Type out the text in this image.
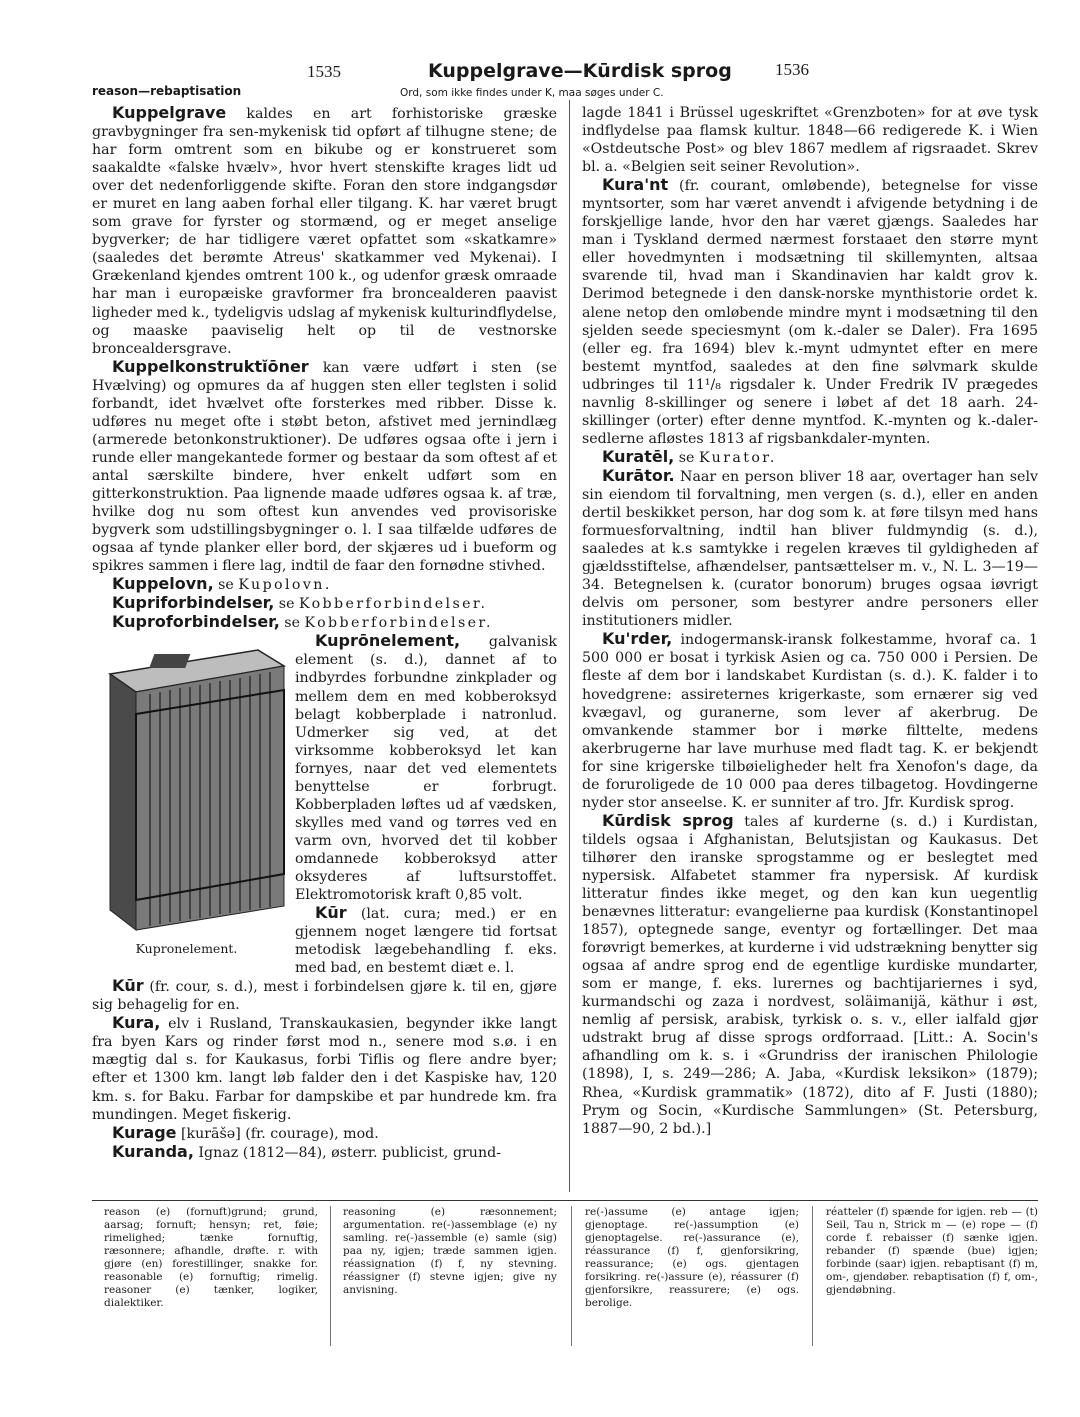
reason—rebaptisation
1535	Kuppelgrave—Kūrdisk sprog	1536
Ord, som ikke findes under K, maa søges under C.

Kuppelgrave kaldes en art forhistoriske græske gravbygninger fra sen-mykenisk tid opført af tilhugne stene; de har form omtrent som en bikube og er konstrueret som saakaldte «falske hvælv», hvor hvert stenskifte krages lidt ud over det nedenforliggende skifte. Foran den store indgangsdør er muret en lang aaben forhal eller tilgang. K. har været brugt som grave for fyrster og stormænd, og er meget anselige bygverker; de har tidligere været opfattet som «skatkamre» (saaledes det berømte Atreus' skatkammer ved Mykenai). I Grækenland kjendes omtrent 100 k., og udenfor græsk omraade har man i europæiske gravformer fra broncealderen paavist ligheder med k., tydeligvis udslag af mykenisk kulturindflydelse, og maaske paaviselig helt op til de vestnorske broncealdersgrave.

Kuppelkonstruktĭōner kan være udført i sten (se Hvælving) og opmures da af huggen sten eller teglsten i solid forbandt, idet hvælvet ofte forsterkes med ribber. Disse k. udføres nu meget ofte i støbt beton, afstivet med jernindlæg (armerede betonkonstruktioner). De udføres ogsaa ofte i jern i runde eller mangekantede former og bestaar da som oftest af et antal særskilte bindere, hver enkelt udført som en gitterkonstruktion. Paa lignende maade udføres ogsaa k. af træ, hvilke dog nu som oftest kun anvendes ved provisoriske bygverk som udstillingsbygninger o. l. I saa tilfælde udføres de ogsaa af tynde planker eller bord, der skjæres ud i bueform og spikres sammen i flere lag, indtil de faar den fornødne stivhed.

Kuppelovn, se Kupolovn.

Kupriforbindelser, se Kobberforbindelser.

Kuproforbindelser, se Kobberforbindelser.

Kupronelement.

Kuprōnelement, galvanisk element (s. d.), dannet af to indbyrdes forbundne zinkplader og mellem dem en med kobberoksyd belagt kobberplade i natronlud. Udmerker sig ved, at det virksomme kobberoksyd let kan fornyes, naar det ved elementets benyttelse er forbrugt. Kobberpladen løftes ud af vædsken, skylles med vand og tørres ved en varm ovn, hvorved det til kobber omdannede kobberoksyd atter oksyderes af luftsurstoffet. Elektromotorisk kraft 0,85 volt.

Kūr (lat. cura; med.) er en gjennem noget længere tid fortsat metodisk lægebehandling f. eks. med bad, en bestemt diæt e. l.

Kūr (fr. cour, s. d.), mest i forbindelsen gjøre k. til en, gjøre sig behagelig for en.

Kura, elv i Rusland, Transkaukasien, begynder ikke langt fra byen Kars og rinder først mod n., senere mod s.ø. i en mægtig dal s. for Kaukasus, forbi Tiflis og flere andre byer; efter et 1300 km. langt løb falder den i det Kaspiske hav, 120 km. s. for Baku. Farbar for dampskibe et par hundrede km. fra mundingen. Meget fiskerig.

Kurage [kurāšə] (fr. courage), mod.

Kuranda, Ignaz (1812—84), østerr. publicist, grund-

lagde 1841 i Brüssel ugeskriftet «Grenzboten» for at øve tysk indflydelse paa flamsk kultur. 1848—66 redigerede K. i Wien «Ostdeutsche Post» og blev 1867 medlem af rigsraadet. Skrev bl. a. «Belgien seit seiner Revolution».

Kura'nt (fr. courant, omløbende), betegnelse for visse myntsorter, som har været anvendt i afvigende betydning i de forskjellige lande, hvor den har været gjængs. Saaledes har man i Tyskland dermed nærmest forstaaet den større mynt eller hovedmynten i modsætning til skillemynten, altsaa svarende til, hvad man i Skandinavien har kaldt grov k. Derimod betegnede i den dansk-norske mynthistorie ordet k. alene netop den omløbende mindre mynt i modsætning til den sjelden seede speciesmynt (om k.-daler se Daler). Fra 1695 (eller eg. fra 1694) blev k.-mynt udmyntet efter en mere bestemt myntfod, saaledes at den fine sølvmark skulde udbringes til 11¹/₈ rigsdaler k. Under Fredrik IV prægedes navnlig 8-skillinger og senere i løbet af det 18 aarh. 24-skillinger (orter) efter denne myntfod. K.-mynten og k.-daler-sedlerne afløstes 1813 af rigsbankdaler-mynten.

Kuratēl, se Kurator.

Kurātor. Naar en person bliver 18 aar, overtager han selv sin eiendom til forvaltning, men vergen (s. d.), eller en anden dertil beskikket person, har dog som k. at føre tilsyn med hans formuesforvaltning, indtil han bliver fuldmyndig (s. d.), saaledes at k.s samtykke i regelen kræves til gyldigheden af gjældsstiftelse, afhændelser, pantsættelser m. v., N. L. 3—19—34. Betegnelsen k. (curator bonorum) bruges ogsaa iøvrigt delvis om personer, som bestyrer andre personers eller institutioners midler.

Ku'rder, indogermansk-iransk folkestamme, hvoraf ca. 1 500 000 er bosat i tyrkisk Asien og ca. 750 000 i Persien. De fleste af dem bor i landskabet Kurdistan (s. d.). K. falder i to hovedgrene: assireternes krigerkaste, som ernærer sig ved kvægavl, og guranerne, som lever af akerbrug. De omvankende stammer bor i mørke filttelte, medens akerbrugerne har lave murhuse med fladt tag. K. er bekjendt for sine krigerske tilbøieligheder helt fra Xenofon's dage, da de foruroligede de 10 000 paa deres tilbagetog. Hovdingerne nyder stor anseelse. K. er sunniter af tro. Jfr. Kurdisk sprog.

Kūrdisk sprog tales af kurderne (s. d.) i Kurdistan, tildels ogsaa i Afghanistan, Belutsjistan og Kaukasus. Det tilhører den iranske sprogstamme og er beslegtet med nypersisk. Alfabetet stammer fra nypersisk. Af kurdisk litteratur findes ikke meget, og den kan kun uegentlig benævnes litteratur: evangelierne paa kurdisk (Konstantinopel 1857), optegnede sange, eventyr og fortællinger. Det maa forøvrigt bemerkes, at kurderne i vid udstrækning benytter sig ogsaa af andre sprog end de egentlige kurdiske mundarter, som er mange, f. eks. lurernes og bachtijariernes i syd, kurmandschi og zaza i nordvest, soläimanijä, käthur i øst, nemlig af persisk, arabisk, tyrkisk o. s. v., eller ialfald gjør udstrakt brug af disse sprogs ordforraad. [Litt.: A. Socin's afhandling om k. s. i «Grundriss der iranischen Philologie (1898), I, s. 249—286; A. Jaba, «Kurdisk leksikon» (1879); Rhea, «Kurdisk grammatik» (1872), dito af F. Justi (1880); Prym og Socin, «Kurdische Sammlungen» (St. Petersburg, 1887—90, 2 bd.).]

reason (e) (fornuft)grund; grund, aarsag; fornuft; hensyn; ret, føie; rimelighed; tænke fornuftig, ræsonnere; afhandle, drøfte. r. with gjøre (en) forestillinger, snakke for. reasonable (e) fornuftig; rimelig. reasoner (e) tænker, logiker, dialektiker.
reasoning (e) ræsonnement; argumentation. re(-)assemblage (e) ny samling. re(-)assemble (e) samle (sig) paa ny, igjen; træde sammen igjen. réassignation (f) f, ny stevning. réassigner (f) stevne igjen; give ny anvisning.
re(-)assume (e) antage igjen; gjenoptage. re(-)assumption (e) gjenoptagelse. re(-)assurance (e), réassurance (f) f, gjenforsikring, reassurance; (e) ogs. gjentagen forsikring. re(-)assure (e), réassurer (f) gjenforsikre, reassurere; (e) ogs. berolige.
réatteler (f) spænde for igjen. reb — (t) Seil, Tau n, Strick m — (e) rope — (f) corde f. rebaisser (f) sænke igjen. rebander (f) spænde (bue) igjen; forbinde (saar) igjen. rebaptisant (f) m, om-, gjendøber. rebaptisation (f) f, om-, gjendøbning.
